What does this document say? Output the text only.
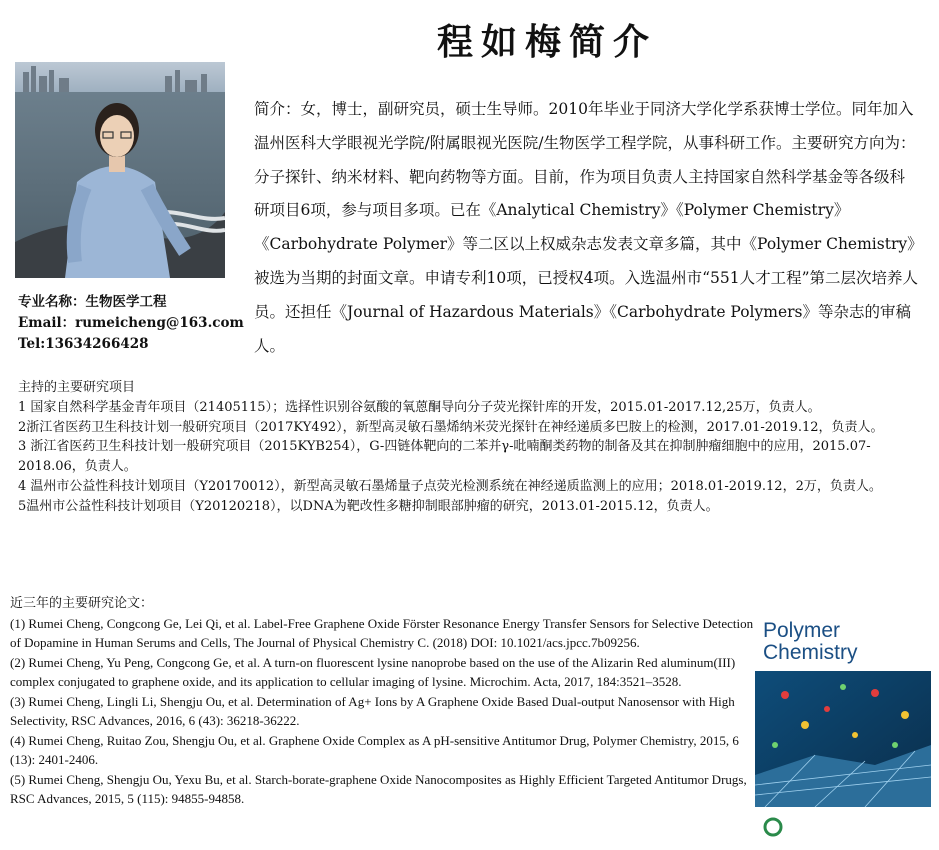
程如梅简介
专业名称：生物医学工程
Email：rumeicheng@163.com
Tel:13634266428
简介：女，博士，副研究员，硕士生导师。2010年毕业于同济大学化学系获博士学位。同年加入温州医科大学眼视光学院/附属眼视光医院/生物医学工程学院，从事科研工作。主要研究方向为：分子探针、纳米材料、靶向药物等方面。目前，作为项目负责人主持国家自然科学基金等各级科研项目6项，参与项目多项。已在《Analytical Chemistry》《Polymer Chemistry》《Carbohydrate Polymer》等二区以上权威杂志发表文章多篇，其中《Polymer Chemistry》被选为当期的封面文章。申请专利10项，已授权4项。入选温州市“551人才工程”第二层次培养人员。还担任《Journal of Hazardous Materials》《Carbohydrate Polymers》等杂志的审稿人。

主持的主要研究项目

1 国家自然科学基金青年项目（21405115）；选择性识别谷氨酸的氧蒽酮导向分子荧光探针库的开发，2015.01-2017.12,25万，负责人。

2浙江省医药卫生科技计划一般研究项目（2017KY492），新型高灵敏石墨烯纳米荧光探针在神经递质多巴胺上的检测，2017.01-2019.12，负责人。

3 浙江省医药卫生科技计划一般研究项目（2015KYB254），G-四链体靶向的二苯并γ-吡喃酮类药物的制备及其在抑制肿瘤细胞中的应用，2015.07-2018.06，负责人。

4 温州市公益性科技计划项目（Y20170012），新型高灵敏石墨烯量子点荧光检测系统在神经递质监测上的应用；2018.01-2019.12，2万，负责人。

5温州市公益性科技计划项目（Y20120218），以DNA为靶改性多糖抑制眼部肿瘤的研究，2013.01-2015.12，负责人。

近三年的主要研究论文：

(1) Rumei Cheng, Congcong Ge, Lei Qi, et al. Label-Free Graphene Oxide Förster Resonance Energy Transfer Sensors for Selective Detection of Dopamine in Human Serums and Cells, The Journal of Physical Chemistry C. (2018) DOI: 10.1021/acs.jpcc.7b09256.

(2) Rumei Cheng, Yu Peng, Congcong Ge, et al. A turn-on fluorescent lysine nanoprobe based on the use of the Alizarin Red aluminum(III) complex conjugated to graphene oxide, and its application to cellular imaging of lysine. Microchim. Acta, 2017, 184:3521–3528.

(3) Rumei Cheng, Lingli Li, Shengju Ou, et al. Determination of Ag+ Ions by A Graphene Oxide Based Dual-output Nanosensor with High Selectivity, RSC Advances, 2016, 6 (43): 36218-36222.

(4) Rumei Cheng, Ruitao Zou, Shengju Ou, et al. Graphene Oxide Complex as A pH-sensitive Antitumor Drug, Polymer Chemistry, 2015, 6 (13): 2401-2406.

(5) Rumei Cheng, Shengju Ou, Yexu Bu, et al. Starch-borate-graphene Oxide Nanocomposites as Highly Efficient Targeted Antitumor Drugs, RSC Advances, 2015, 5 (115): 94855-94858.

Polymer
Chemistry
